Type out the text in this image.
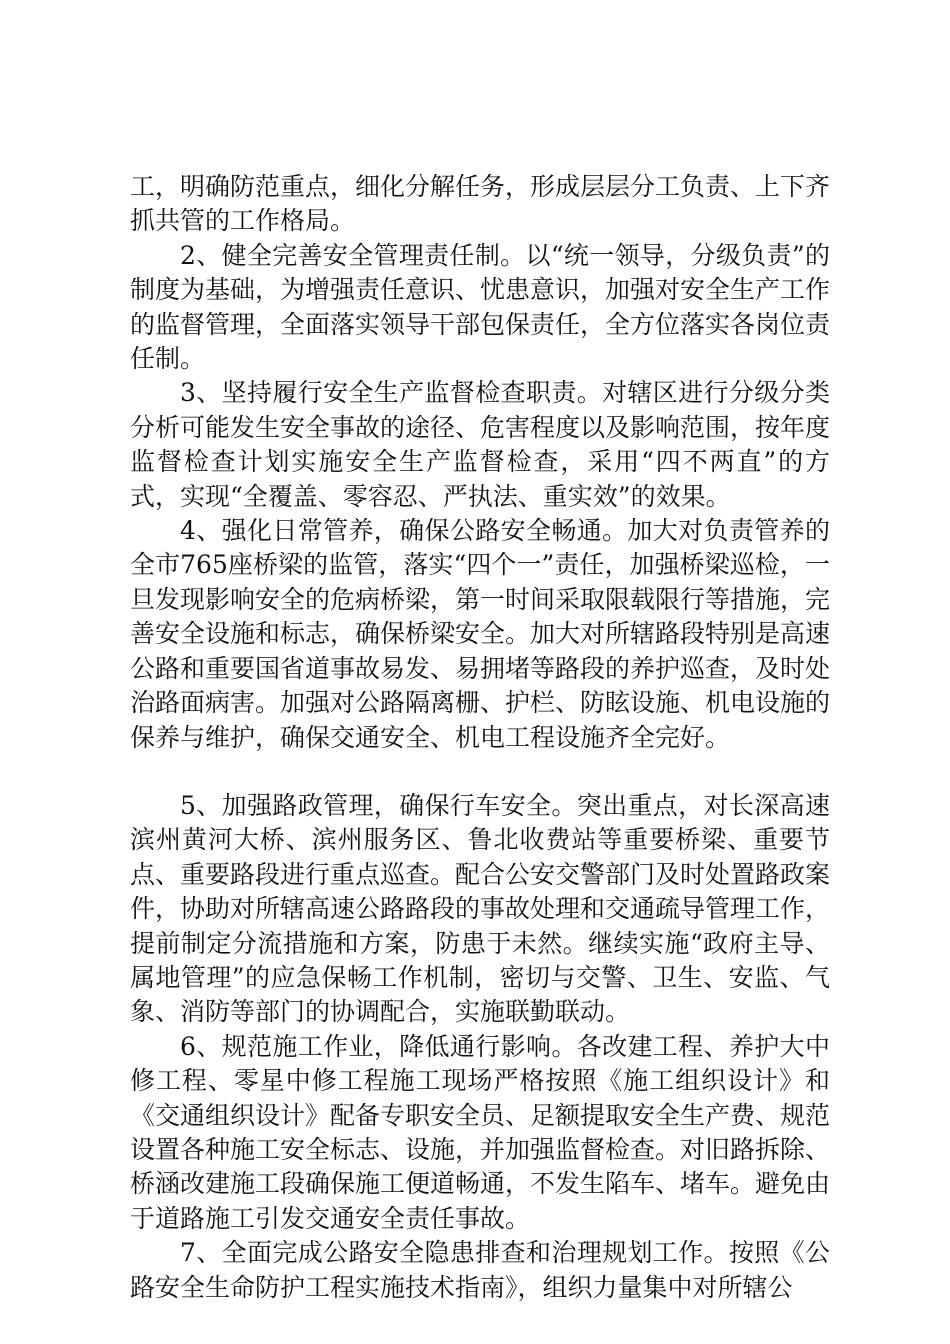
工，明确防范重点，细化分解任务，形成层层分工负责、上下齐抓共管的工作格局。

2、健全完善安全管理责任制。以“统一领导，分级负责”的制度为基础，为增强责任意识、忧患意识，加强对安全生产工作的监督管理，全面落实领导干部包保责任，全方位落实各岗位责任制。

3、坚持履行安全生产监督检查职责。对辖区进行分级分类分析可能发生安全事故的途径、危害程度以及影响范围，按年度监督检查计划实施安全生产监督检查，采用“四不两直”的方式，实现“全覆盖、零容忍、严执法、重实效”的效果。

4、强化日常管养，确保公路安全畅通。加大对负责管养的全市765座桥梁的监管，落实“四个一”责任，加强桥梁巡检，一旦发现影响安全的危病桥梁，第一时间采取限载限行等措施，完善安全设施和标志，确保桥梁安全。加大对所辖路段特别是高速公路和重要国省道事故易发、易拥堵等路段的养护巡查，及时处治路面病害。加强对公路隔离栅、护栏、防眩设施、机电设施的保养与维护，确保交通安全、机电工程设施齐全完好。

5、加强路政管理，确保行车安全。突出重点，对长深高速滨州黄河大桥、滨州服务区、鲁北收费站等重要桥梁、重要节点、重要路段进行重点巡查。配合公安交警部门及时处置路政案件，协助对所辖高速公路路段的事故处理和交通疏导管理工作，提前制定分流措施和方案，防患于未然。继续实施“政府主导、属地管理”的应急保畅工作机制，密切与交警、卫生、安监、气象、消防等部门的协调配合，实施联勤联动。

6、规范施工作业，降低通行影响。各改建工程、养护大中修工程、零星中修工程施工现场严格按照《施工组织设计》和《交通组织设计》配备专职安全员、足额提取安全生产费、规范设置各种施工安全标志、设施，并加强监督检查。对旧路拆除、桥涵改建施工段确保施工便道畅通，不发生陷车、堵车。避免由于道路施工引发交通安全责任事故。

7、全面完成公路安全隐患排查和治理规划工作。按照《公路安全生命防护工程实施技术指南》，组织力量集中对所辖公
